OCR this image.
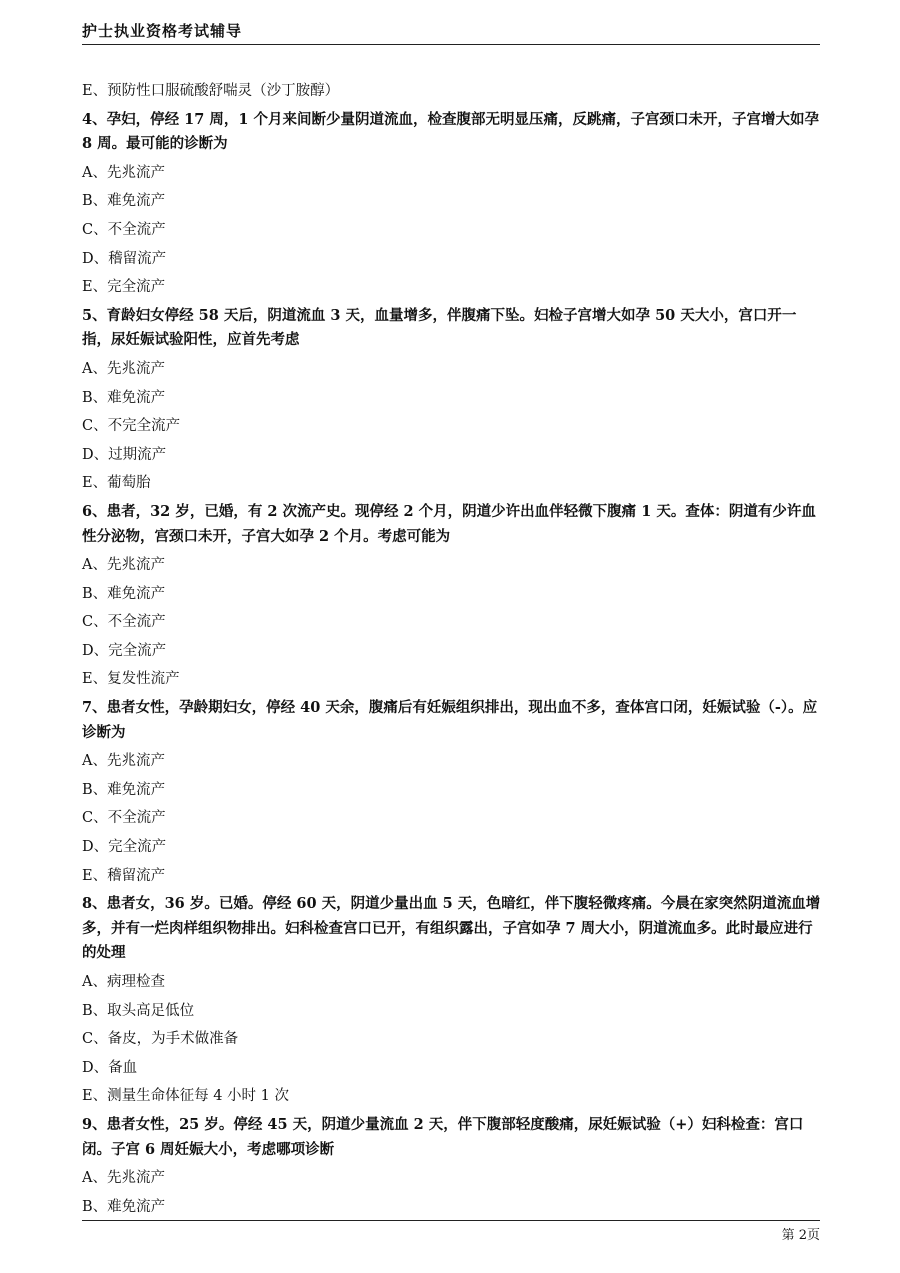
护士执业资格考试辅导
E、预防性口服硫酸舒喘灵（沙丁胺醇）
4、孕妇，停经 17 周，1 个月来间断少量阴道流血，检查腹部无明显压痛，反跳痛，子宫颈口未开，子宫增大如孕 8 周。最可能的诊断为
A、先兆流产
B、难免流产
C、不全流产
D、稽留流产
E、完全流产
5、育龄妇女停经 58 天后，阴道流血 3 天，血量增多，伴腹痛下坠。妇检子宫增大如孕 50 天大小，宫口开一指，尿妊娠试验阳性，应首先考虑
A、先兆流产
B、难免流产
C、不完全流产
D、过期流产
E、葡萄胎
6、患者，32 岁，已婚，有 2 次流产史。现停经 2 个月，阴道少许出血伴轻微下腹痛 1 天。查体：阴道有少许血性分泌物，宫颈口未开，子宫大如孕 2 个月。考虑可能为
A、先兆流产
B、难免流产
C、不全流产
D、完全流产
E、复发性流产
7、患者女性，孕龄期妇女，停经 40 天余，腹痛后有妊娠组织排出，现出血不多，查体宫口闭，妊娠试验（-）。应诊断为
A、先兆流产
B、难免流产
C、不全流产
D、完全流产
E、稽留流产
8、患者女，36 岁。已婚。停经 60 天，阴道少量出血 5 天，色暗红，伴下腹轻微疼痛。今晨在家突然阴道流血增多，并有一烂肉样组织物排出。妇科检查宫口已开，有组织露出，子宫如孕 7 周大小，阴道流血多。此时最应进行的处理
A、病理检查
B、取头高足低位
C、备皮，为手术做准备
D、备血
E、测量生命体征每 4 小时 1 次
9、患者女性，25 岁。停经 45 天，阴道少量流血 2 天，伴下腹部轻度酸痛，尿妊娠试验（+）妇科检查：宫口闭。子宫 6 周妊娠大小，考虑哪项诊断
A、先兆流产
B、难免流产
第 2页
